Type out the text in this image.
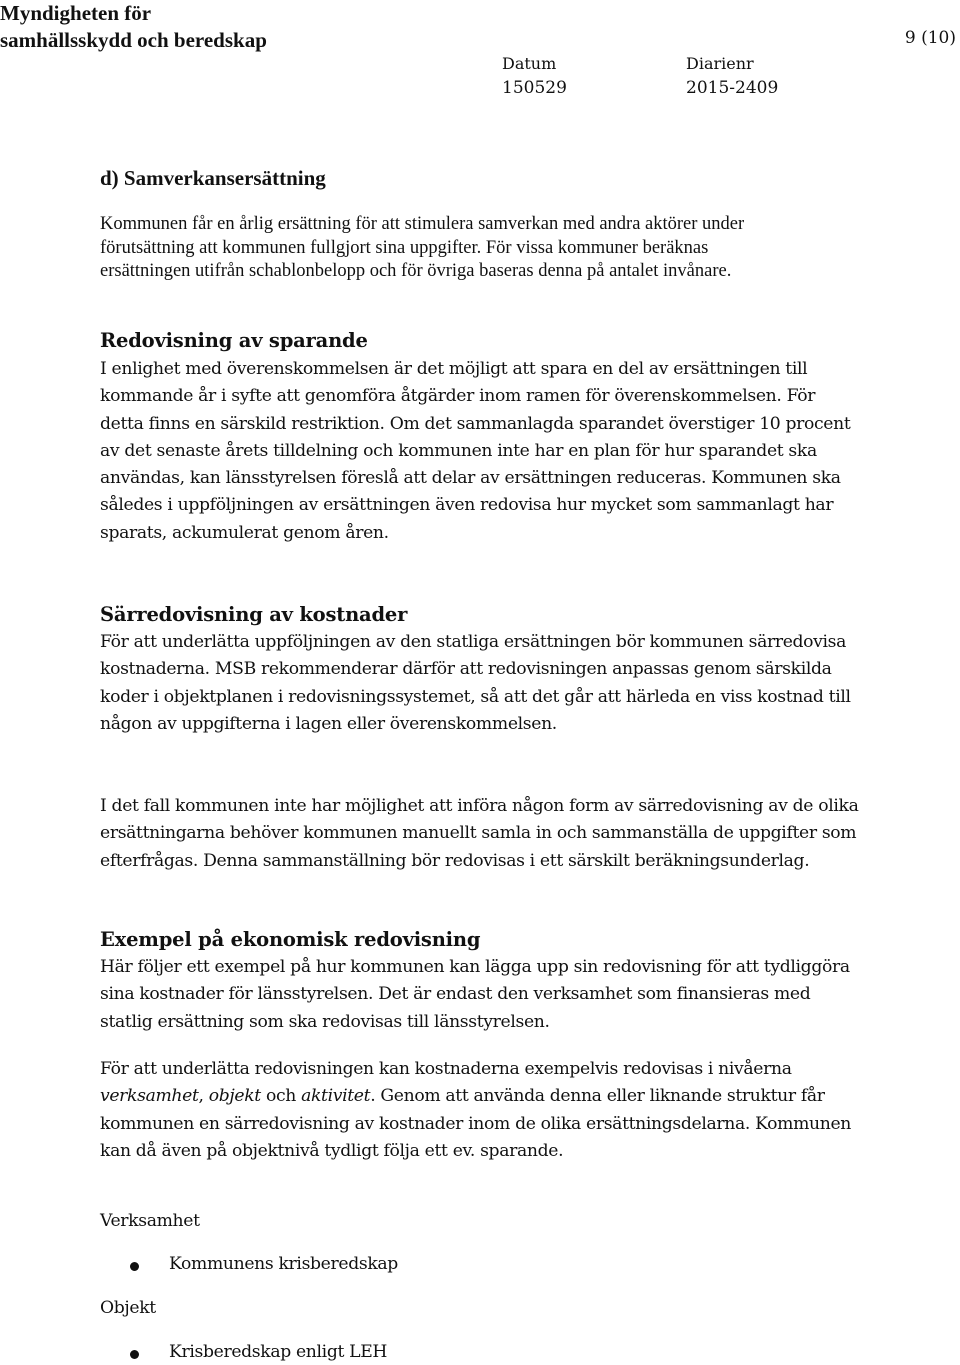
Myndigheten för
samhällsskydd och beredskap	9 (10)
Datum
150529
Diarienr
2015-2409
d) Samverkansersättning
Kommunen får en årlig ersättning för att stimulera samverkan med andra aktörer under förutsättning att kommunen fullgjort sina uppgifter. För vissa kommuner beräknas ersättningen utifrån schablonbelopp och för övriga baseras denna på antalet invånare.
Redovisning av sparande
I enlighet med överenskommelsen är det möjligt att spara en del av ersättningen till kommande år i syfte att genomföra åtgärder inom ramen för överenskommelsen. För detta finns en särskild restriktion. Om det sammanlagda sparandet överstiger 10 procent av det senaste årets tilldelning och kommunen inte har en plan för hur sparandet ska användas, kan länsstyrelsen föreslå att delar av ersättningen reduceras. Kommunen ska således i uppföljningen av ersättningen även redovisa hur mycket som sammanlagt har sparats, ackumulerat genom åren.
Särredovisning av kostnader
För att underlätta uppföljningen av den statliga ersättningen bör kommunen särredovisa kostnaderna. MSB rekommenderar därför att redovisningen anpassas genom särskilda koder i objektplanen i redovisningssystemet, så att det går att härleda en viss kostnad till någon av uppgifterna i lagen eller överenskommelsen.
I det fall kommunen inte har möjlighet att införa någon form av särredovisning av de olika ersättningarna behöver kommunen manuellt samla in och sammanställa de uppgifter som efterfrågas. Denna sammanställning bör redovisas i ett särskilt beräkningsunderlag.
Exempel på ekonomisk redovisning
Här följer ett exempel på hur kommunen kan lägga upp sin redovisning för att tydliggöra sina kostnader för länsstyrelsen. Det är endast den verksamhet som finansieras med statlig ersättning som ska redovisas till länsstyrelsen.
För att underlätta redovisningen kan kostnaderna exempelvis redovisas i nivåerna verksamhet, objekt och aktivitet. Genom att använda denna eller liknande struktur får kommunen en särredovisning av kostnader inom de olika ersättningsdelarna. Kommunen kan då även på objektnivå tydligt följa ett ev. sparande.
Verksamhet
Kommunens krisberedskap
Objekt
Krisberedskap enligt LEH
